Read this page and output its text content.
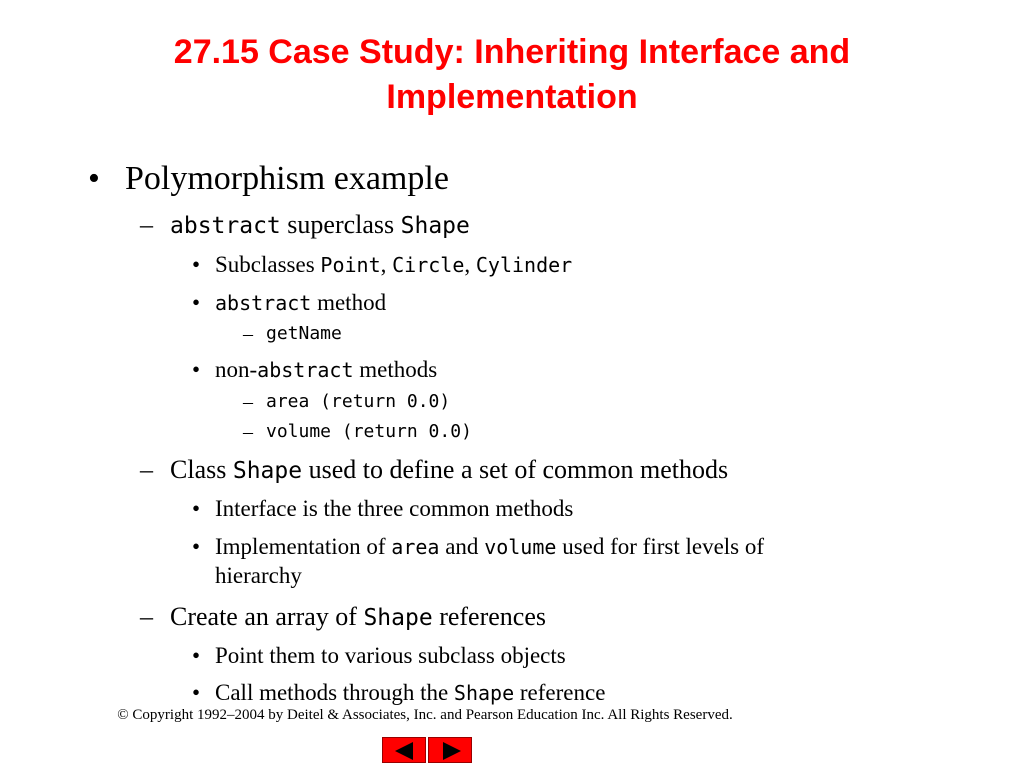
27.15 Case Study: Inheriting Interface and
Implementation
• Polymorphism example
– abstract superclass Shape
• Subclasses Point, Circle, Cylinder
• abstract method
– getName
• non-abstract methods
– area (return 0.0)
– volume (return 0.0)
– Class Shape used to define a set of common methods
• Interface is the three common methods
• Implementation of area and volume used for first levels of
hierarchy
– Create an array of Shape references
• Point them to various subclass objects
• Call methods through the Shape reference
© Copyright 1992–2004 by Deitel & Associates, Inc. and Pearson Education Inc. All Rights Reserved.
